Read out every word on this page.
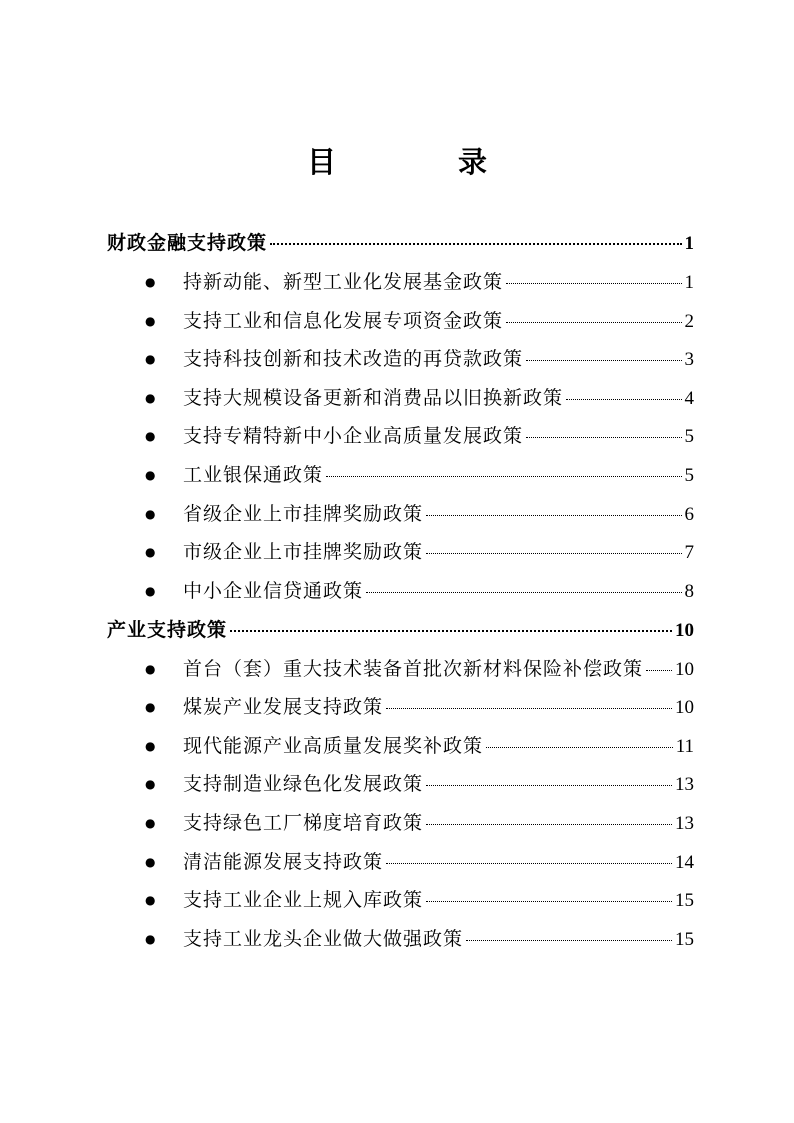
目 录
财政金融支持政策	1
●	持新动能、新型工业化发展基金政策	1
●	支持工业和信息化发展专项资金政策	2
●	支持科技创新和技术改造的再贷款政策	3
●	支持大规模设备更新和消费品以旧换新政策	4
●	支持专精特新中小企业高质量发展政策	5
●	工业银保通政策	5
●	省级企业上市挂牌奖励政策	6
●	市级企业上市挂牌奖励政策	7
●	中小企业信贷通政策	8
产业支持政策	10
●	首台（套）重大技术装备首批次新材料保险补偿政策 10
●	煤炭产业发展支持政策	10
●	现代能源产业高质量发展奖补政策	11
●	支持制造业绿色化发展政策	13
●	支持绿色工厂梯度培育政策	13
●	清洁能源发展支持政策	14
●	支持工业企业上规入库政策	15
●	支持工业龙头企业做大做强政策	15
